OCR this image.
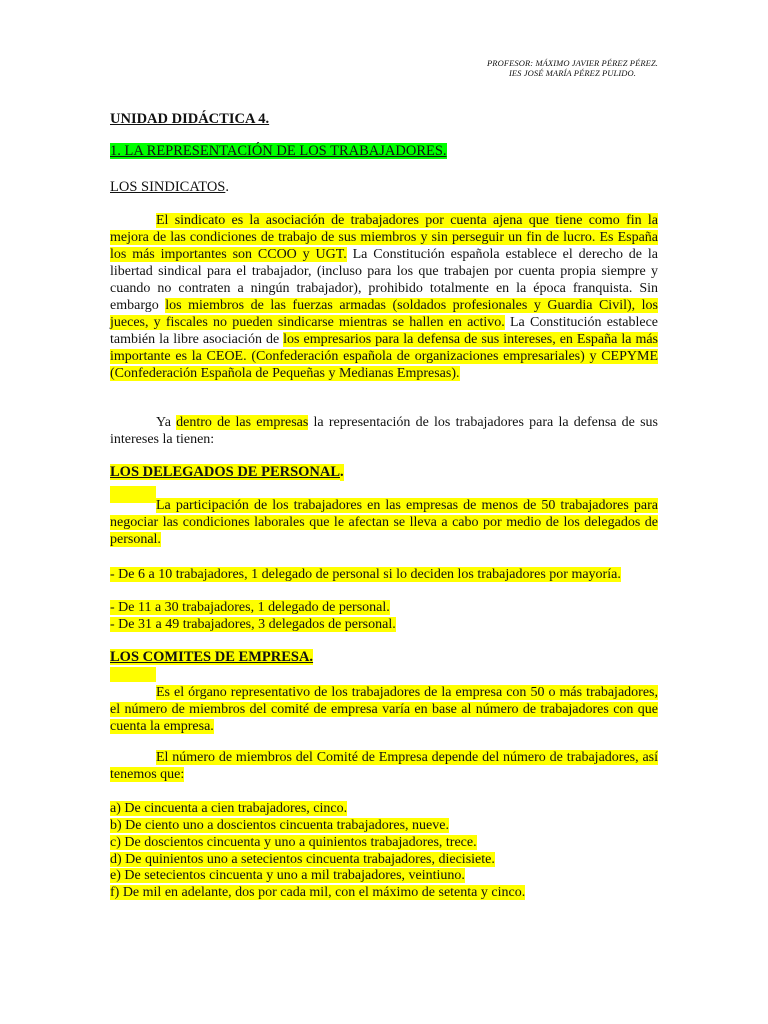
PROFESOR: MÁXIMO JAVIER PÉREZ PÉREZ.
IES JOSÉ MARÍA PÉREZ PULIDO.
UNIDAD DIDÁCTICA 4.
1. LA REPRESENTACIÓN DE LOS TRABAJADORES.
LOS SINDICATOS.
El sindicato es la asociación de trabajadores por cuenta ajena que tiene como fin la mejora de las condiciones de trabajo de sus miembros y sin perseguir un fin de lucro. Es España los más importantes son CCOO y UGT. La Constitución española establece el derecho de la libertad sindical para el trabajador, (incluso para los que trabajen por cuenta propia siempre y cuando no contraten a ningún trabajador), prohibido totalmente en la época franquista. Sin embargo los miembros de las fuerzas armadas (soldados profesionales y Guardia Civil), los jueces, y fiscales no pueden sindicarse mientras se hallen en activo. La Constitución establece también la libre asociación de los empresarios para la defensa de sus intereses, en España la más importante es la CEOE. (Confederación española de organizaciones empresariales) y CEPYME (Confederación Española de Pequeñas y Medianas Empresas).
Ya dentro de las empresas la representación de los trabajadores para la defensa de sus intereses la tienen:
LOS DELEGADOS DE PERSONAL.
La participación de los trabajadores en las empresas de menos de 50 trabajadores para negociar las condiciones laborales que le afectan se lleva a cabo por medio de los delegados de personal.
- De 6 a 10 trabajadores, 1 delegado de personal si lo deciden los trabajadores por mayoría.
- De 11 a 30 trabajadores, 1 delegado de personal.
- De 31 a 49 trabajadores, 3 delegados de personal.
LOS COMITES DE EMPRESA.
Es el órgano representativo de los trabajadores de la empresa con 50 o más trabajadores, el número de miembros del comité de empresa varía en base al número de trabajadores con que cuenta la empresa.
El número de miembros del Comité de Empresa depende del número de trabajadores, así tenemos que:
a) De cincuenta a cien trabajadores, cinco.
b) De ciento uno a doscientos cincuenta trabajadores, nueve.
c) De doscientos cincuenta y uno a quinientos trabajadores, trece.
d) De quinientos uno a setecientos cincuenta trabajadores, diecisiete.
e) De setecientos cincuenta y uno a mil trabajadores, veintiuno.
f) De mil en adelante, dos por cada mil, con el máximo de setenta y cinco.
